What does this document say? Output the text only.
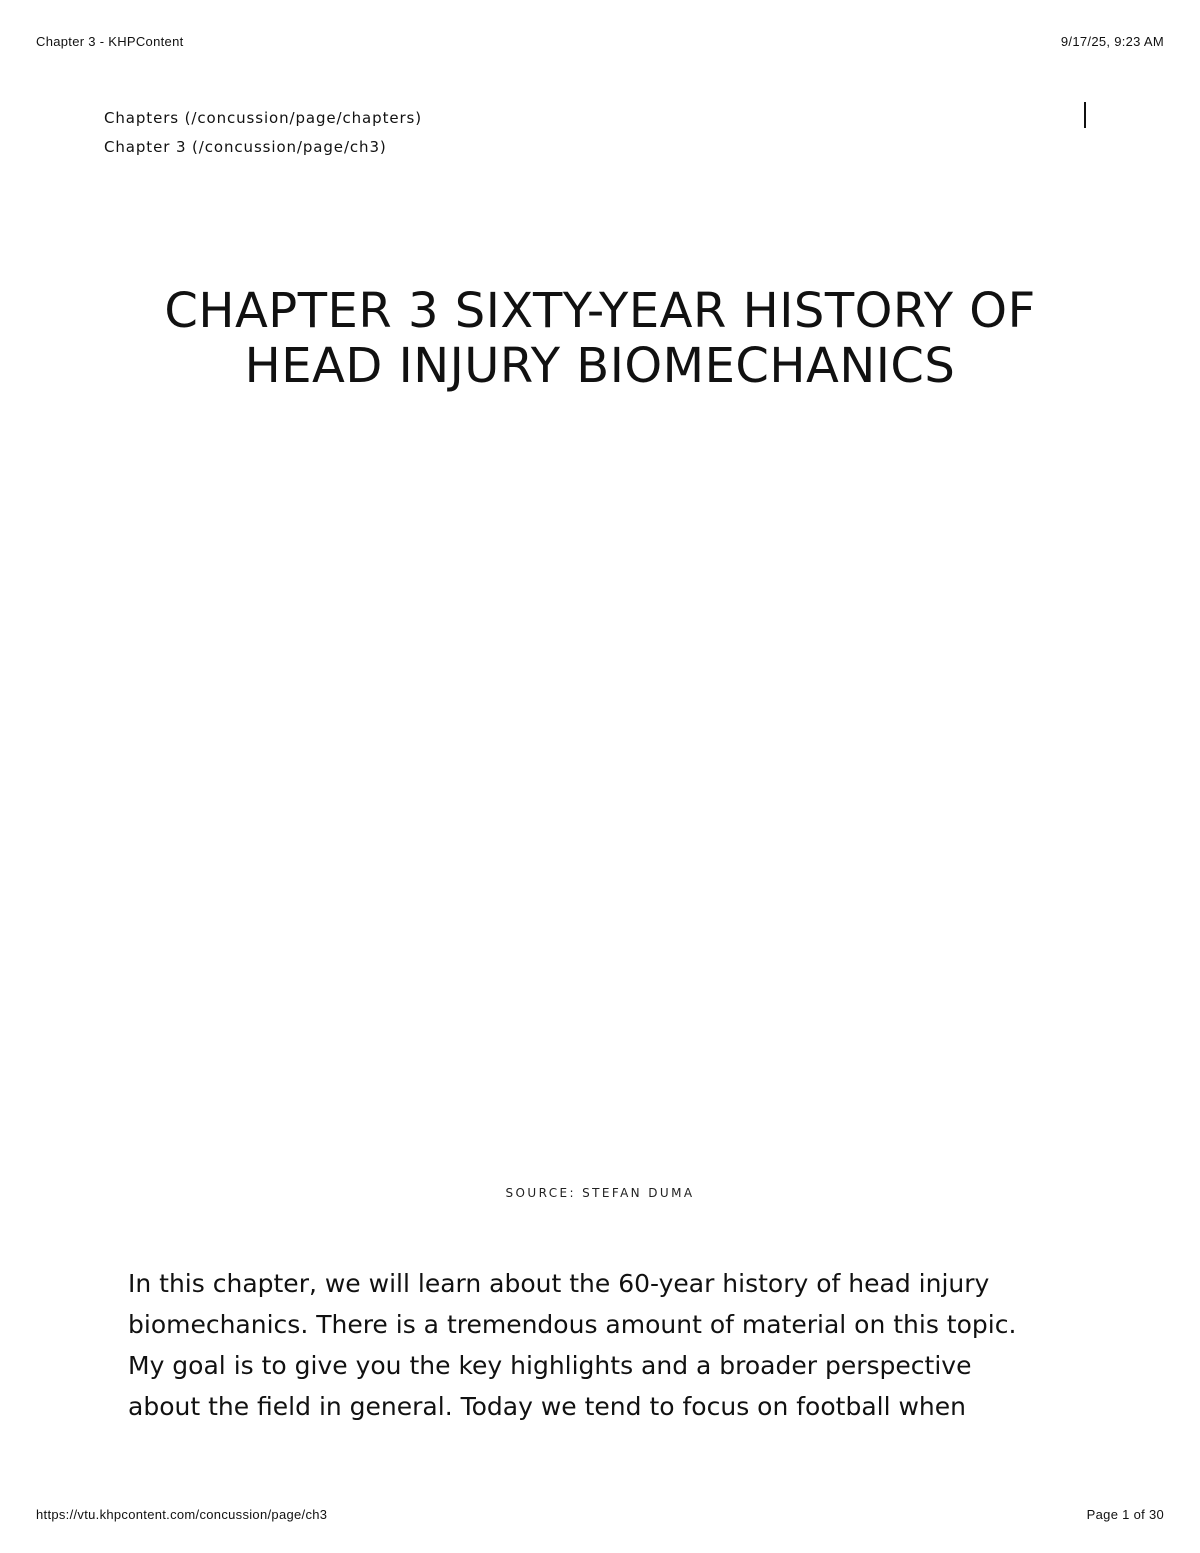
Chapter 3 - KHPContent	9/17/25, 9:23 AM
Chapters (/concussion/page/chapters)
Chapter 3 (/concussion/page/ch3)
CHAPTER 3 SIXTY-YEAR HISTORY OF HEAD INJURY BIOMECHANICS
SOURCE: STEFAN DUMA

In this chapter, we will learn about the 60-year history of head injury
biomechanics. There is a tremendous amount of material on this topic.
My goal is to give you the key highlights and a broader perspective
about the field in general. Today we tend to focus on football when

https://vtu.khpcontent.com/concussion/page/ch3	Page 1 of 30
